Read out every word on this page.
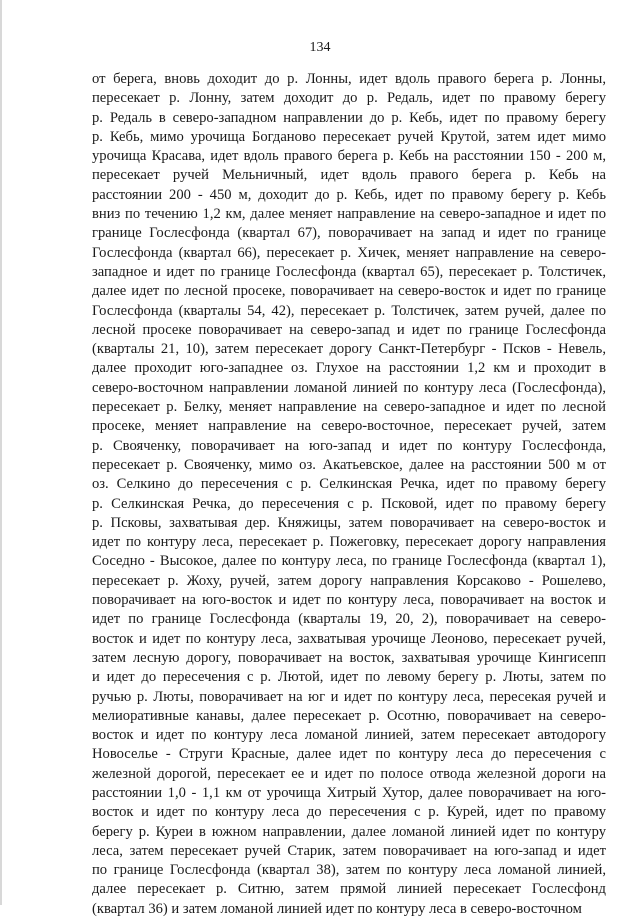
134
от берега, вновь доходит до р. Лонны, идет вдоль правого берега р. Лонны,
пересекает р. Лонну, затем доходит до р. Редаль, идет по правому берегу
р. Редаль в северо-западном направлении до р. Кебь, идет по правому берегу
р. Кебь, мимо урочища Богданово пересекает ручей Крутой, затем идет мимо
урочища Красава, идет вдоль правого берега р. Кебь на расстоянии 150 - 200 м,
пересекает ручей Мельничный, идет вдоль правого берега р. Кебь на
расстоянии 200 - 450 м, доходит до р. Кебь, идет по правому берегу р. Кебь
вниз по течению 1,2 км, далее меняет направление на северо-западное и идет по
границе Гослесфонда (квартал 67), поворачивает на запад и идет по границе
Гослесфонда (квартал 66), пересекает р. Хичек, меняет направление на северо-
западное и идет по границе Гослесфонда (квартал 65), пересекает р. Толстичек,
далее идет по лесной просеке, поворачивает на северо-восток и идет по границе
Гослесфонда (кварталы 54, 42), пересекает р. Толстичек, затем ручей, далее по
лесной просеке поворачивает на северо-запад и идет по границе Гослесфонда
(кварталы 21, 10), затем пересекает дорогу Санкт-Петербург - Псков - Невель,
далее проходит юго-западнее оз. Глухое на расстоянии 1,2 км и проходит в
северо-восточном направлении ломаной линией по контуру леса (Гослесфонда),
пересекает р. Белку, меняет направление на северо-западное и идет по лесной
просеке, меняет направление на северо-восточное, пересекает ручей, затем
р. Свояченку, поворачивает на юго-запад и идет по контуру Гослесфонда,
пересекает р. Свояченку, мимо оз. Акатьевское, далее на расстоянии 500 м от
оз. Селкино до пересечения с р. Селкинская Речка, идет по правому берегу
р. Селкинская Речка, до пересечения с р. Псковой, идет по правому берегу
р. Псковы, захватывая дер. Княжицы, затем поворачивает на северо-восток и
идет по контуру леса, пересекает р. Пожеговку, пересекает дорогу направления
Соседно - Высокое, далее по контуру леса, по границе Гослесфонда (квартал 1),
пересекает р. Жоху, ручей, затем дорогу направления Корсаково - Рошелево,
поворачивает на юго-восток и идет по контуру леса, поворачивает на восток и
идет по границе Гослесфонда (кварталы 19, 20, 2), поворачивает на северо-
восток и идет по контуру леса, захватывая урочище Леоново, пересекает ручей,
затем лесную дорогу, поворачивает на восток, захватывая урочище Кингисепп
и идет до пересечения с р. Лютой, идет по левому берегу р. Люты, затем по
ручью р. Люты, поворачивает на юг и идет по контуру леса, пересекая ручей и
мелиоративные канавы, далее пересекает р. Осотню, поворачивает на северо-
восток и идет по контуру леса ломаной линией, затем пересекает автодорогу
Новоселье - Струги Красные, далее идет по контуру леса до пересечения с
железной дорогой, пересекает ее и идет по полосе отвода железной дороги на
расстоянии 1,0 - 1,1 км от урочища Хитрый Хутор, далее поворачивает на юго-
восток и идет по контуру леса до пересечения с р. Курей, идет по правому
берегу р. Куреи в южном направлении, далее ломаной линией идет по контуру
леса, затем пересекает ручей Старик, затем поворачивает на юго-запад и идет
по границе Гослесфонда (квартал 38), затем по контуру леса ломаной линией,
далее пересекает р. Ситню, затем прямой линией пересекает Гослесфонд
(квартал 36) и затем ломаной линией идет по контуру леса в северо-восточном
